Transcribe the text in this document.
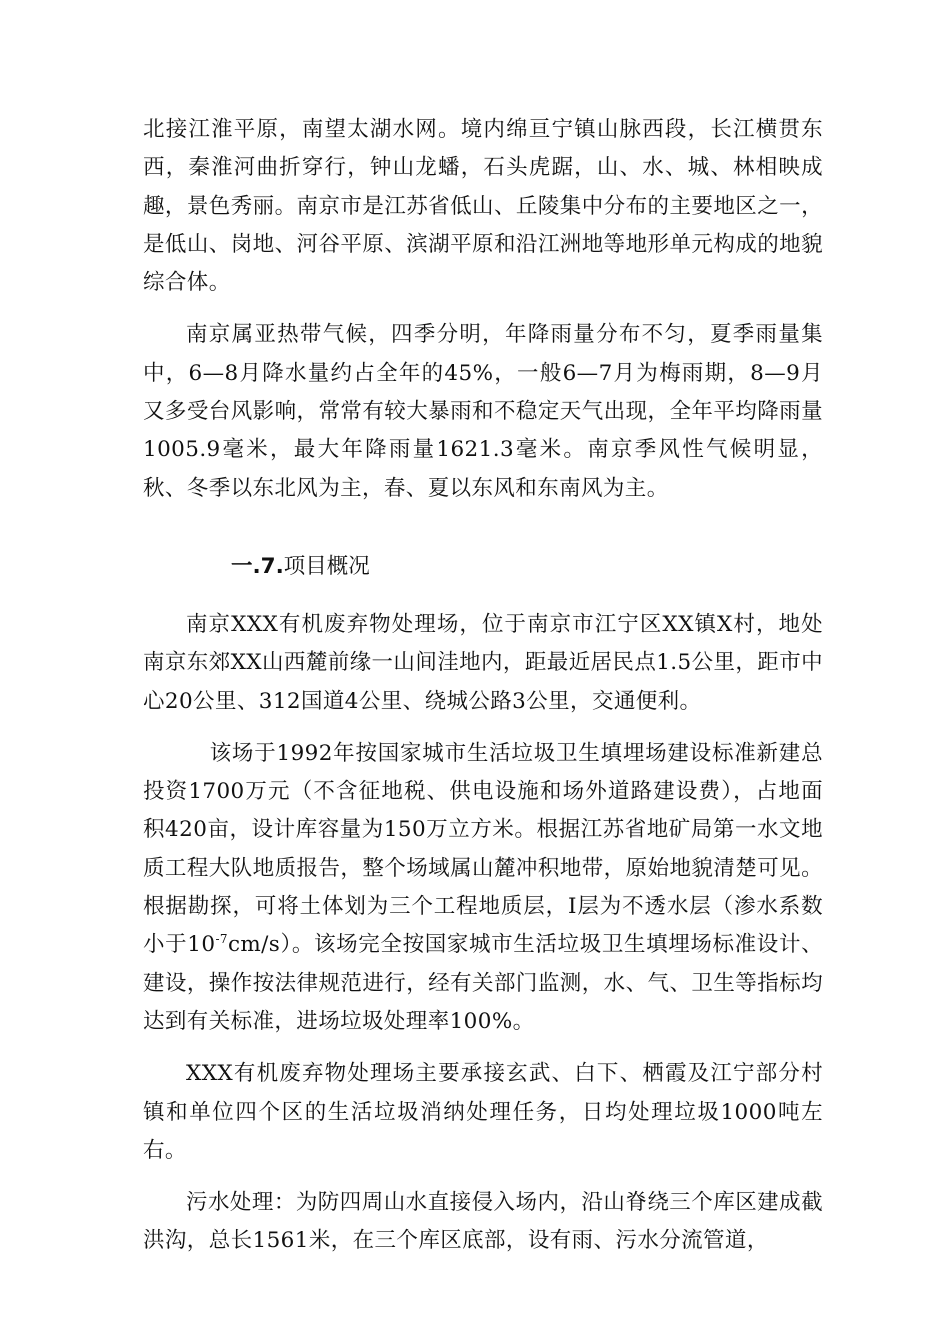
北接江淮平原，南望太湖水网。境内绵亘宁镇山脉西段，长江横贯东西，秦淮河曲折穿行，钟山龙蟠，石头虎踞，山、水、城、林相映成趣，景色秀丽。南京市是江苏省低山、丘陵集中分布的主要地区之一，是低山、岗地、河谷平原、滨湖平原和沿江洲地等地形单元构成的地貌综合体。

南京属亚热带气候，四季分明，年降雨量分布不匀，夏季雨量集中，6—8月降水量约占全年的45%，一般6—7月为梅雨期，8—9月又多受台风影响，常常有较大暴雨和不稳定天气出现，全年平均降雨量1005.9毫米，最大年降雨量1621.3毫米。南京季风性气候明显，秋、冬季以东北风为主，春、夏以东风和东南风为主。

一.7.项目概况

南京XXX有机废弃物处理场，位于南京市江宁区XX镇X村，地处南京东郊XX山西麓前缘一山间洼地内，距最近居民点1.5公里，距市中心20公里、312国道4公里、绕城公路3公里，交通便利。

该场于1992年按国家城市生活垃圾卫生填埋场建设标准新建总投资1700万元（不含征地税、供电设施和场外道路建设费），占地面积420亩，设计库容量为150万立方米。根据江苏省地矿局第一水文地质工程大队地质报告，整个场域属山麓冲积地带，原始地貌清楚可见。根据勘探，可将土体划为三个工程地质层，Ⅰ层为不透水层（渗水系数小于$10^{-7}cm/s$）。该场完全按国家城市生活垃圾卫生填埋场标准设计、建设，操作按法律规范进行，经有关部门监测，水、气、卫生等指标均达到有关标准，进场垃圾处理率100%。

XXX有机废弃物处理场主要承接玄武、白下、栖霞及江宁部分村镇和单位四个区的生活垃圾消纳处理任务，日均处理垃圾1000吨左右。

污水处理：为防四周山水直接侵入场内，沿山脊绕三个库区建成截洪沟，总长1561米，在三个库区底部，设有雨、污水分流管道，
